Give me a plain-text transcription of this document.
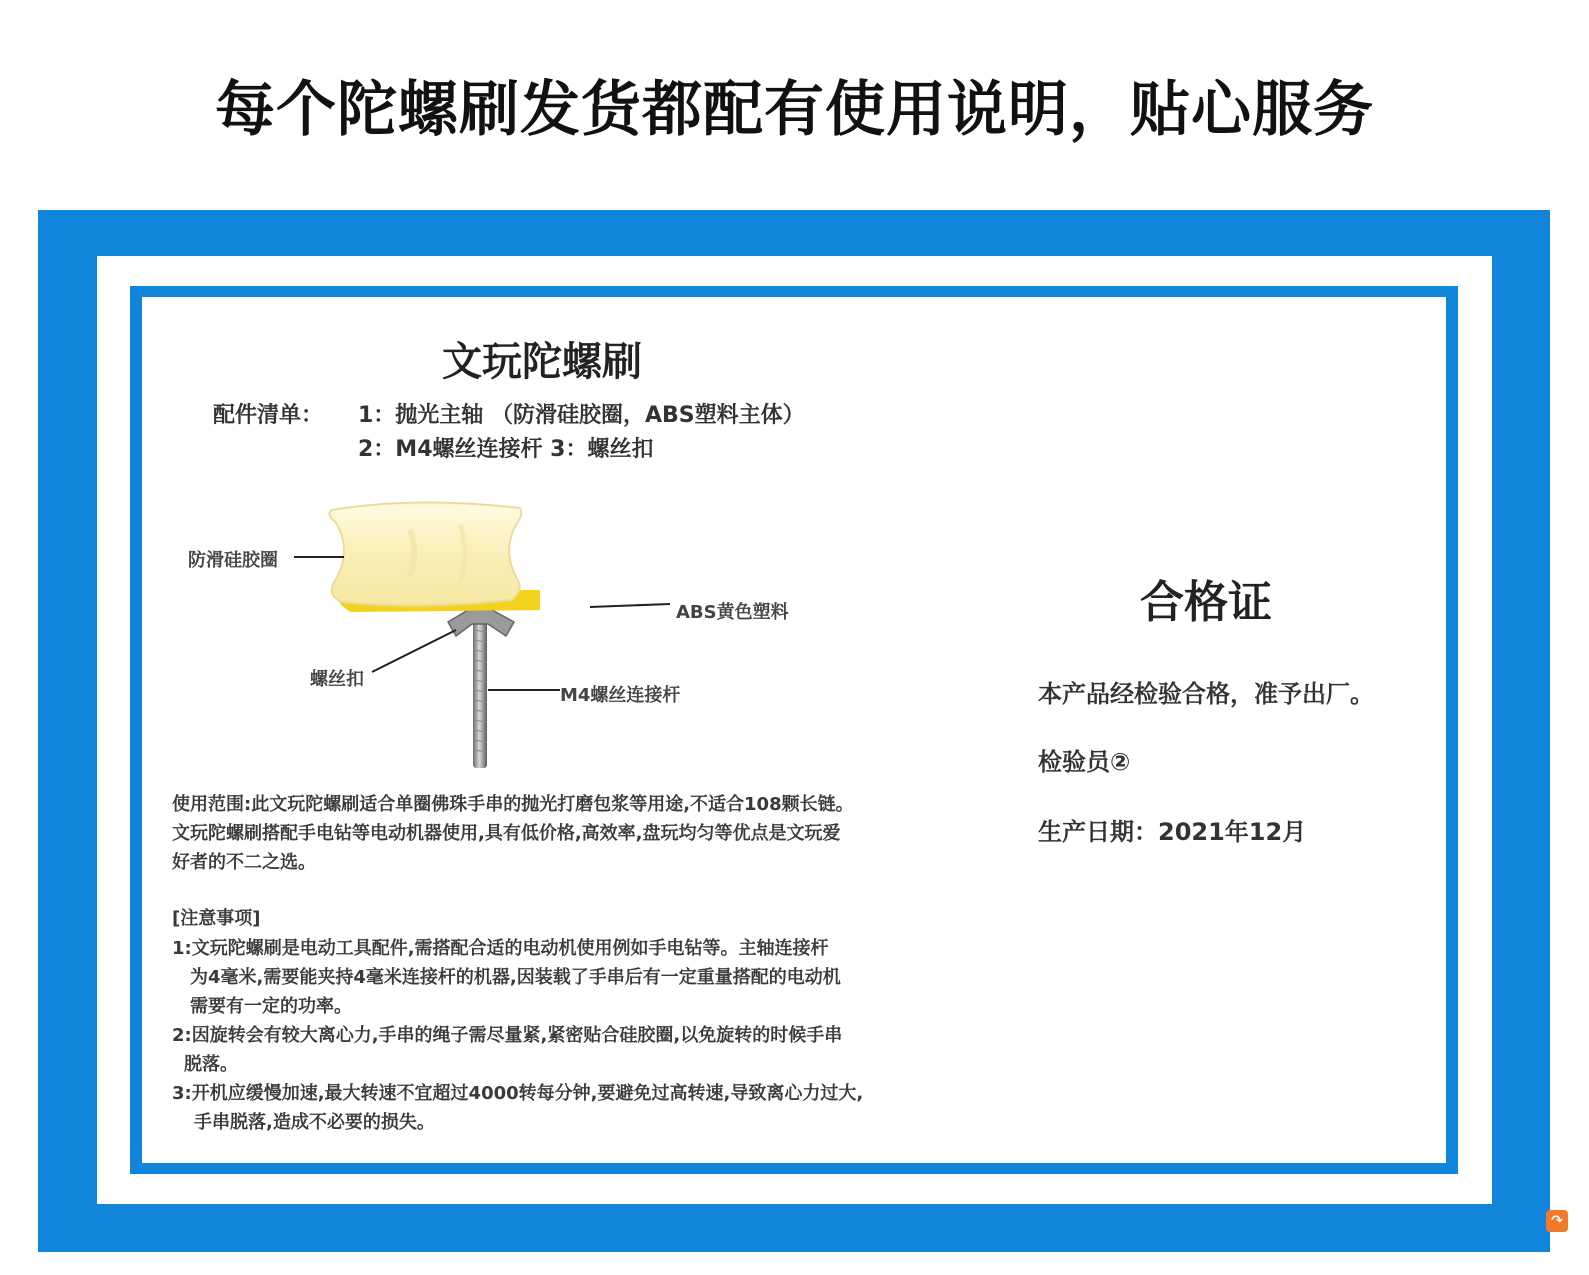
每个陀螺刷发货都配有使用说明，贴心服务
文玩陀螺刷
配件清单： 1：抛光主轴 （防滑硅胶圈，ABS塑料主体）
2：M4螺丝连接杆 3：螺丝扣
防滑硅胶圈
ABS黄色塑料
螺丝扣
M4螺丝连接杆
使用范围:此文玩陀螺刷适合单圈佛珠手串的抛光打磨包浆等用途,不适合108颗长链。
文玩陀螺刷搭配手电钻等电动机器使用,具有低价格,高效率,盘玩均匀等优点是文玩爱
好者的不二之选。
[注意事项]
1:文玩陀螺刷是电动工具配件,需搭配合适的电动机使用例如手电钻等。主轴连接杆
为4毫米,需要能夹持4毫米连接杆的机器,因装载了手串后有一定重量搭配的电动机
需要有一定的功率。
2:因旋转会有较大离心力,手串的绳子需尽量紧,紧密贴合硅胶圈,以免旋转的时候手串
脱落。
3:开机应缓慢加速,最大转速不宜超过4000转每分钟,要避免过高转速,导致离心力过大,
手串脱落,造成不必要的损失。
合格证
本产品经检验合格，准予出厂。
检验员②
生产日期：2021年12月
↷
